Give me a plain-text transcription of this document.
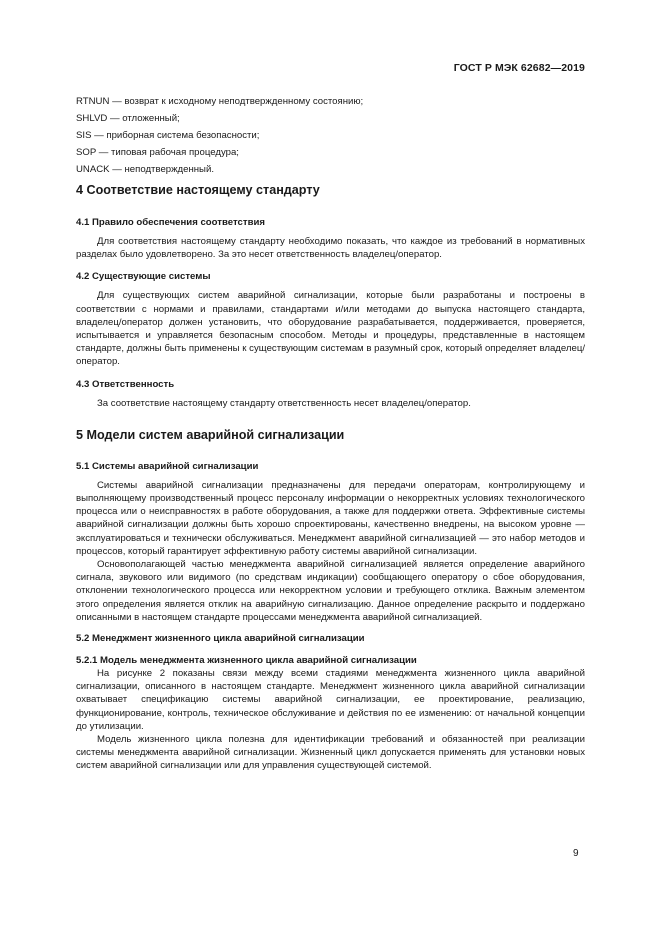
ГОСТ Р МЭК 62682—2019
RTNUN — возврат к исходному неподтвержденному состоянию;
SHLVD — отложенный;
SIS — приборная система безопасности;
SOP — типовая рабочая процедура;
UNACK — неподтвержденный.
4 Соответствие настоящему стандарту
4.1 Правило обеспечения соответствия

Для соответствия настоящему стандарту необходимо показать, что каждое из требований в нормативных разделах было удовлетворено. За это несет ответственность владелец/оператор.

4.2 Существующие системы

Для существующих систем аварийной сигнализации, которые были разработаны и построены в соответствии с нормами и правилами, стандартами и/или методами до выпуска настоящего стандарта, владелец/оператор должен установить, что оборудование разрабатывается, поддерживается, проверяется, испытывается и управляется безопасным способом. Методы и процедуры, представленные в настоящем стандарте, должны быть применены к существующим системам в разумный срок, который определяет владелец/оператор.

4.3 Ответственность

За соответствие настоящему стандарту ответственность несет владелец/оператор.

5 Модели систем аварийной сигнализации
5.1 Системы аварийной сигнализации

Системы аварийной сигнализации предназначены для передачи операторам, контролирующему и выполняющему производственный процесс персоналу информации о некорректных условиях технологического процесса или о неисправностях в работе оборудования, а также для поддержки ответа. Эффективные системы аварийной сигнализации должны быть хорошо спроектированы, качественно внедрены, на высоком уровне — эксплуатироваться и технически обслуживаться. Менеджмент аварийной сигнализацией — это набор методов и процессов, который гарантирует эффективную работу системы аварийной сигнализации.

Основополагающей частью менеджмента аварийной сигнализацией является определение аварийного сигнала, звукового или видимого (по средствам индикации) сообщающего оператору о сбое оборудования, отклонении технологического процесса или некорректном условии и требующего отклика. Важным элементом этого определения является отклик на аварийную сигнализацию. Данное определение раскрыто и поддержано описанными в настоящем стандарте процессами менеджмента аварийной сигнализацией.

5.2 Менеджмент жизненного цикла аварийной сигнализации
5.2.1 Модель менеджмента жизненного цикла аварийной сигнализации

На рисунке 2 показаны связи между всеми стадиями менеджмента жизненного цикла аварийной сигнализации, описанного в настоящем стандарте. Менеджмент жизненного цикла аварийной сигнализации охватывает спецификацию системы аварийной сигнализации, ее проектирование, реализацию, функционирование, контроль, техническое обслуживание и действия по ее изменению: от начальной концепции до утилизации.

Модель жизненного цикла полезна для идентификации требований и обязанностей при реализации системы менеджмента аварийной сигнализации. Жизненный цикл допускается применять для установки новых систем аварийной сигнализации или для управления существующей системой.

9
